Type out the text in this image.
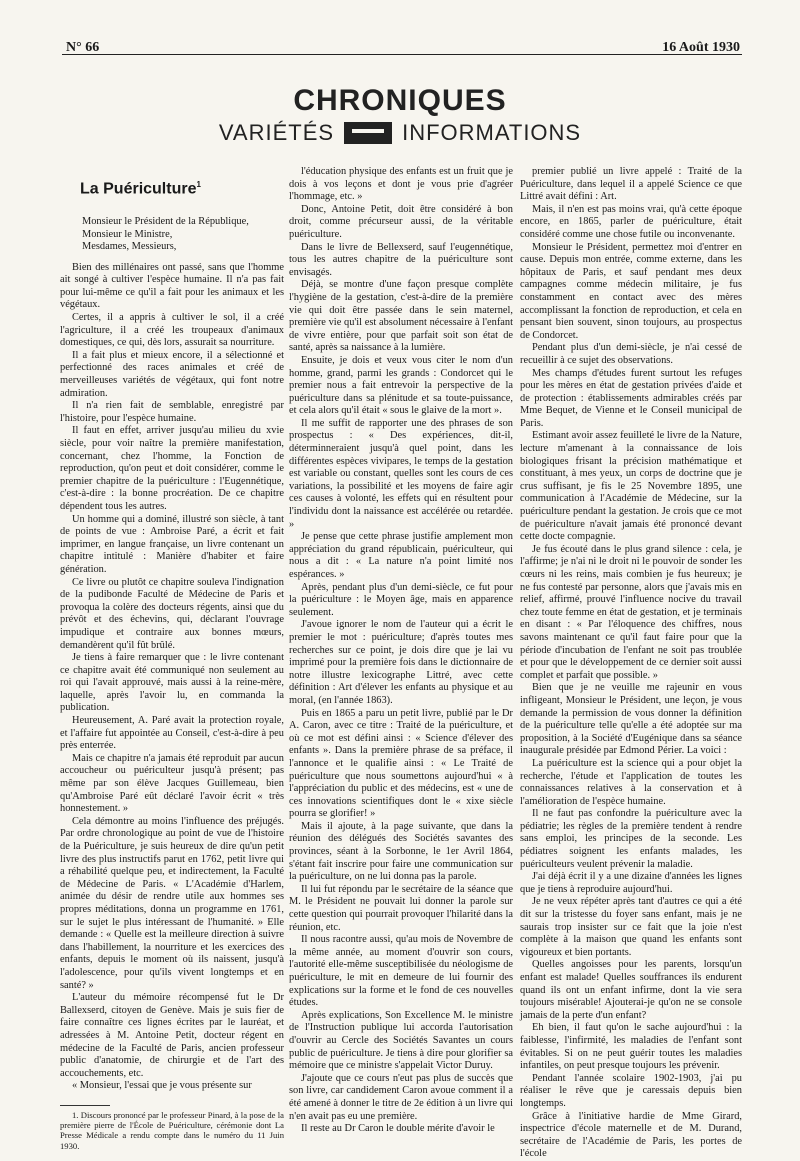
N° 66	16 Août 1930
CHRONIQUES
VARIÉTÉS	INFORMATIONS
La Puériculture$^1$

Monsieur le Président de la République,

Monsieur le Ministre,

Mesdames, Messieurs,

Bien des millénaires ont passé, sans que l'homme ait songé à cultiver l'espèce humaine. Il n'a pas fait pour lui-même ce qu'il a fait pour les animaux et les végétaux.

Certes, il a appris à cultiver le sol, il a créé l'agriculture, il a créé les troupeaux d'animaux domestiques, ce qui, dès lors, assurait sa nourriture.

Il a fait plus et mieux encore, il a sélectionné et perfectionné des races animales et créé de merveilleuses variétés de végétaux, qui font notre admiration.

Il n'a rien fait de semblable, enregistré par l'histoire, pour l'espèce humaine.

Il faut en effet, arriver jusqu'au milieu du xvie siècle, pour voir naître la première manifestation, concernant, chez l'homme, la Fonction de reproduction, qu'on peut et doit considérer, comme le premier chapitre de la puériculture : l'Eugennétique, c'est-à-dire : la bonne procréation. De ce chapitre dépendent tous les autres.

Un homme qui a dominé, illustré son siècle, à tant de points de vue : Ambroise Paré, a écrit et fait imprimer, en langue française, un livre contenant un chapitre intitulé : Manière d'habiter et faire génération.

Ce livre ou plutôt ce chapitre souleva l'indignation de la pudibonde Faculté de Médecine de Paris et provoqua la colère des docteurs régents, ainsi que du prévôt et des échevins, qui, déclarant l'ouvrage impudique et contraire aux bonnes mœurs, demandèrent qu'il fût brûlé.

Je tiens à faire remarquer que : le livre contenant ce chapitre avait été communiqué non seulement au roi qui l'avait approuvé, mais aussi à la reine-mère, laquelle, après l'avoir lu, en commanda la publication.

Heureusement, A. Paré avait la protection royale, et l'affaire fut appointée au Conseil, c'est-à-dire à peu près enterrée.

Mais ce chapitre n'a jamais été reproduit par aucun accoucheur ou puériculteur jusqu'à présent; pas même par son élève Jacques Guillemeau, bien qu'Ambroise Paré eût déclaré l'avoir écrit « très honnestement. »

Cela démontre au moins l'influence des préjugés. Par ordre chronologique au point de vue de l'histoire de la Puériculture, je suis heureux de dire qu'un petit livre des plus instructifs parut en 1762, petit livre qui a réhabilité quelque peu, et indirectement, la Faculté de Médecine de Paris. « L'Académie d'Harlem, animée du désir de rendre utile aux hommes ses propres méditations, donna un programme en 1761, sur le sujet le plus intéressant de l'humanité. » Elle demande : « Quelle est la meilleure direction à suivre dans l'habillement, la nourriture et les exercices des enfants, depuis le moment où ils naissent, jusqu'à l'adolescence, pour qu'ils vivent longtemps et en santé? »

L'auteur du mémoire récompensé fut le Dr Ballexserd, citoyen de Genève. Mais je suis fier de faire connaître ces lignes écrites par le lauréat, et adressées à M. Antoine Petit, docteur régent en médecine de la Faculté de Paris, ancien professeur public d'anatomie, de chirurgie et de l'art des accouchements, etc.

« Monsieur, l'essai que je vous présente sur

1. Discours prononcé par le professeur Pinard, à la pose de la première pierre de l'École de Puériculture, cérémonie dont La Presse Médicale a rendu compte dans le numéro du 11 Juin 1930.

l'éducation physique des enfants est un fruit que je dois à vos leçons et dont je vous prie d'agréer l'hommage, etc. »

Donc, Antoine Petit, doit être considéré à bon droit, comme précurseur aussi, de la véritable puériculture.

Dans le livre de Bellexserd, sauf l'eugennétique, tous les autres chapitre de la puériculture sont envisagés.

Déjà, se montre d'une façon presque complète l'hygiène de la gestation, c'est-à-dire de la première vie qui doit être passée dans le sein maternel, première vie qu'il est absolument nécessaire à l'enfant de vivre entière, pour que parfait soit son état de santé, après sa naissance à la lumière.

Ensuite, je dois et veux vous citer le nom d'un homme, grand, parmi les grands : Condorcet qui le premier nous a fait entrevoir la perspective de la puériculture dans sa plénitude et sa toute-puissance, et cela alors qu'il était « sous le glaive de la mort ».

Il me suffit de rapporter une des phrases de son prospectus : « Des expériences, dit-il, déterminneraient jusqu'à quel point, dans les différentes espèces vivipares, le temps de la gestation est variable ou constant, quelles sont les cours de ces variations, la possibilité et les moyens de faire agir ces causes à volonté, les effets qui en résultent pour l'individu dont la naissance est accélérée ou retardée. »

Je pense que cette phrase justifie amplement mon appréciation du grand républicain, puériculteur, qui nous a dit : « La nature n'a point limité nos espérances. »

Après, pendant plus d'un demi-siècle, ce fut pour la puériculture : le Moyen âge, mais en apparence seulement.

J'avoue ignorer le nom de l'auteur qui a écrit le premier le mot : puériculture; d'après toutes mes recherches sur ce point, je dois dire que je lai vu imprimé pour la première fois dans le dictionnaire de notre illustre lexicographe Littré, avec cette définition : Art d'élever les enfants au physique et au moral, (en l'année 1863).

Puis en 1865 a paru un petit livre, publié par le Dr A. Caron, avec ce titre : Traité de la puériculture, et où ce mot est défini ainsi : « Science d'élever des enfants ». Dans la première phrase de sa préface, il l'annonce et le qualifie ainsi : « Le Traité de puériculture que nous soumettons aujourd'hui « à l'appréciation du public et des médecins, est « une de ces innovations scientifiques dont le « xixe siècle pourra se glorifier! »

Mais il ajoute, à la page suivante, que dans la réunion des délégués des Sociétés savantes des provinces, séant à la Sorbonne, le 1er Avril 1864, s'étant fait inscrire pour faire une communication sur la puériculture, on ne lui donna pas la parole.

Il lui fut répondu par le secrétaire de la séance que M. le Président ne pouvait lui donner la parole sur cette question qui pourrait provoquer l'hilarité dans la réunion, etc.

Il nous racontre aussi, qu'au mois de Novembre de la même année, au moment d'ouvrir son cours, l'autorité elle-même susceptibilisée du néologisme de puériculture, le mit en demeure de lui fournir des explications sur la forme et le fond de ces nouvelles études.

Après explications, Son Excellence M. le ministre de l'Instruction publique lui accorda l'autorisation d'ouvrir au Cercle des Sociétés Savantes un cours public de puériculture. Je tiens à dire pour glorifier sa mémoire que ce ministre s'appelait Victor Duruy.

J'ajoute que ce cours n'eut pas plus de succès que son livre, car candidement Caron avoue comment il a été amené à donner le titre de 2e édition à un livre qui n'en avait pas eu une première.

Il reste au Dr Caron le double mérite d'avoir le

premier publié un livre appelé : Traité de la Puériculture, dans lequel il a appelé Science ce que Littré avait défini : Art.

Mais, il n'en est pas moins vrai, qu'à cette époque encore, en 1865, parler de puériculture, était considéré comme une chose futile ou inconvenante.

Monsieur le Président, permettez moi d'entrer en cause. Depuis mon entrée, comme externe, dans les hôpitaux de Paris, et sauf pendant mes deux campagnes comme médecin militaire, je fus constamment en contact avec des mères accomplissant la fonction de reproduction, et cela en pensant bien souvent, sinon toujours, au prospectus de Condorcet.

Pendant plus d'un demi-siècle, je n'ai cessé de recueillir à ce sujet des observations.

Mes champs d'études furent surtout les refuges pour les mères en état de gestation privées d'aide et de protection : établissements admirables créés par Mme Bequet, de Vienne et le Conseil municipal de Paris.

Estimant avoir assez feuilleté le livre de la Nature, lecture m'amenant à la connaissance de lois biologiques frisant la précision mathématique et constituant, à mes yeux, un corps de doctrine que je crus suffisant, je fis le 25 Novembre 1895, une communication à l'Académie de Médecine, sur la puériculture pendant la gestation. Je crois que ce mot de puériculture n'avait jamais été prononcé devant cette docte compagnie.

Je fus écouté dans le plus grand silence : cela, je l'affirme; je n'ai ni le droit ni le pouvoir de sonder les cœurs ni les reins, mais combien je fus heureux; je ne fus contesté par personne, alors que j'avais mis en relief, affirmé, prouvé l'influence nocive du travail chez toute femme en état de gestation, et je terminais en disant : « Par l'éloquence des chiffres, nous savons maintenant ce qu'il faut faire pour que la période d'incubation de l'enfant ne soit pas troublée et pour que le développement de ce dernier soit aussi complet et parfait que possible. »

Bien que je ne veuille me rajeunir en vous infligeant, Monsieur le Président, une leçon, je vous demande la permission de vous donner la définition de la puériculture telle qu'elle a été adoptée sur ma proposition, à la Société d'Eugénique dans sa séance inaugurale présidée par Edmond Périer. La voici :

La puériculture est la science qui a pour objet la recherche, l'étude et l'application de toutes les connaissances relatives à la conservation et à l'amélioration de l'espèce humaine.

Il ne faut pas confondre la puériculture avec la pédiatrie; les règles de la première tendent à rendre sans emploi, les principes de la seconde. Les pédiatres soignent les enfants malades, les puériculteurs veulent prévenir la maladie.

J'ai déjà écrit il y a une dizaine d'années les lignes que je tiens à reproduire aujourd'hui.

Je ne veux répéter après tant d'autres ce qui a été dit sur la tristesse du foyer sans enfant, mais je ne saurais trop insister sur ce fait que la joie n'est complète à la maison que quand les enfants sont vigoureux et bien portants.

Quelles angoisses pour les parents, lorsqu'un enfant est malade! Quelles souffrances ils endurent quand ils ont un enfant infirme, dont la vie sera toujours misérable! Ajouterai-je qu'on ne se console jamais de la perte d'un enfant?

Eh bien, il faut qu'on le sache aujourd'hui : la faiblesse, l'infirmité, les maladies de l'enfant sont évitables. Si on ne peut guérir toutes les maladies infantiles, on peut presque toujours les prévenir.

Pendant l'année scolaire 1902-1903, j'ai pu réaliser le rêve que je caressais depuis bien longtemps.

Grâce à l'initiative hardie de Mme Girard, inspectrice d'école maternelle et de M. Durand, secrétaire de l'Académie de Paris, les portes de l'école
